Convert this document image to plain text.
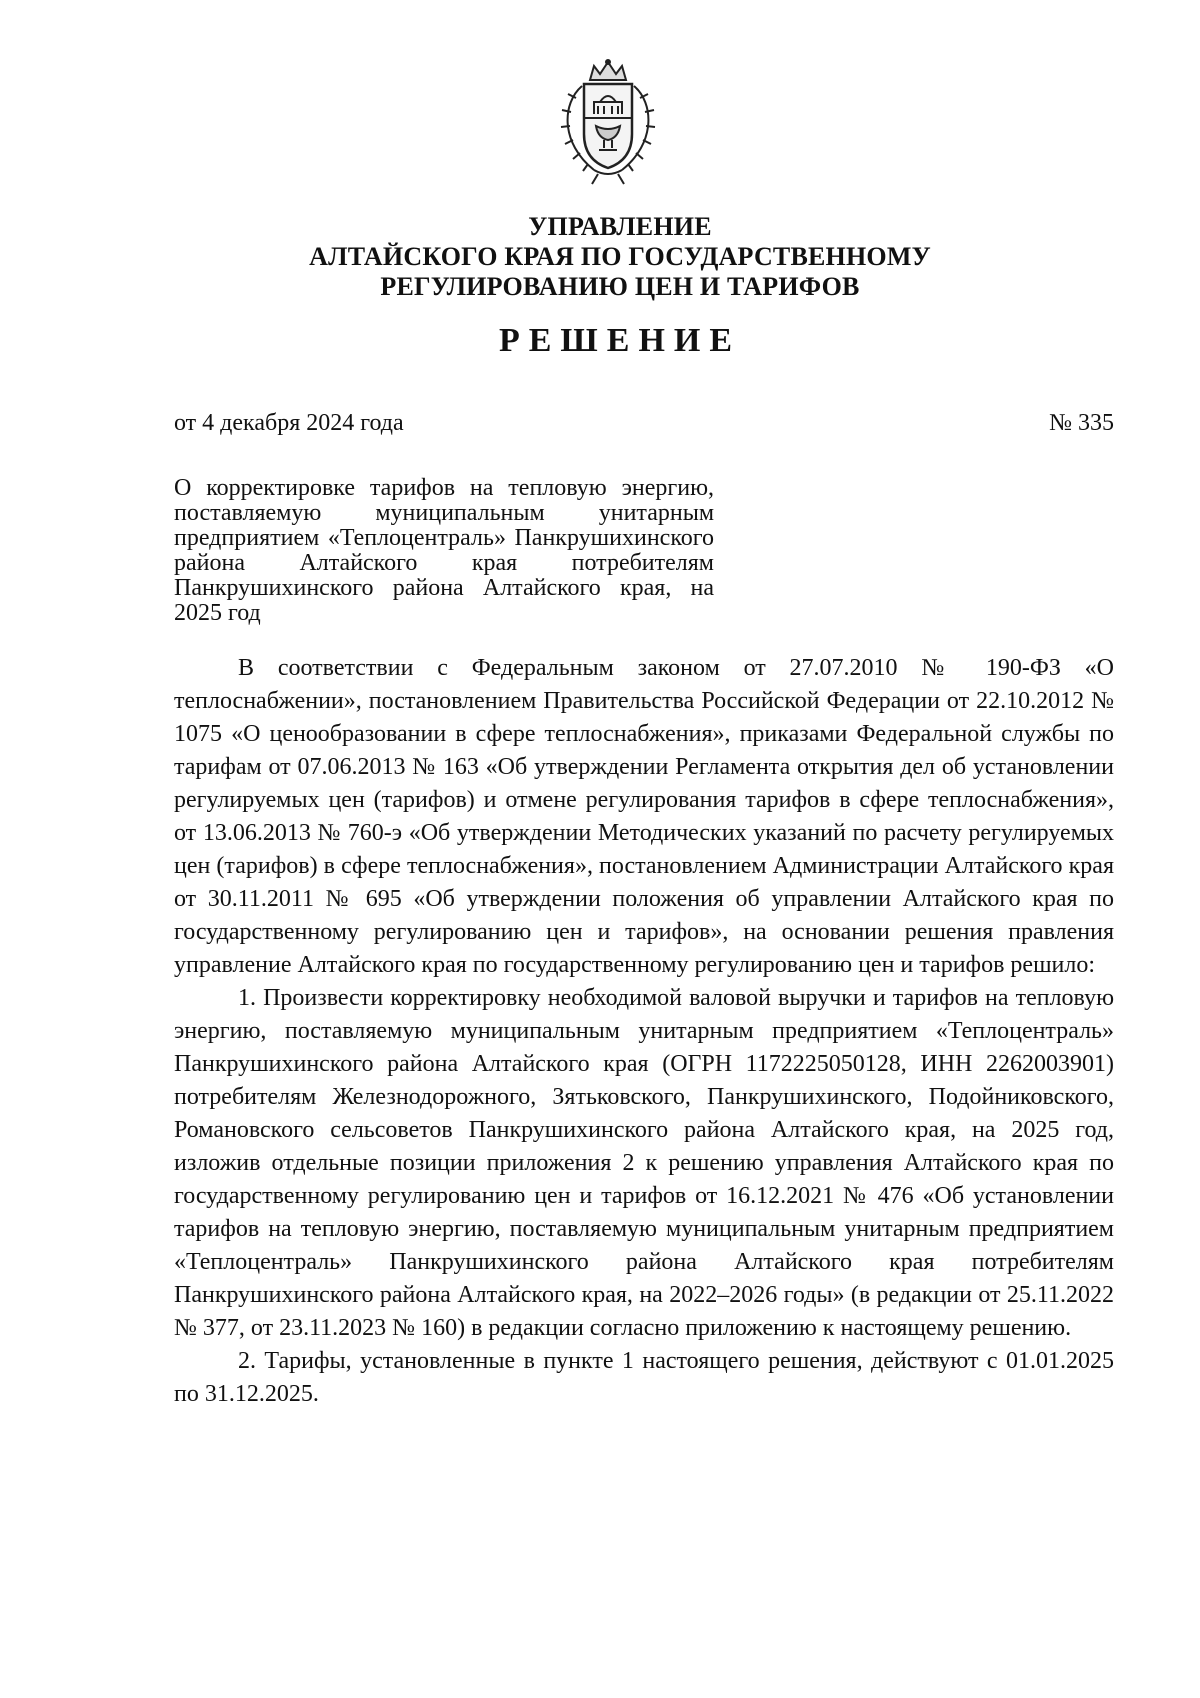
УПРАВЛЕНИЕ
АЛТАЙСКОГО КРАЯ ПО ГОСУДАРСТВЕННОМУ
РЕГУЛИРОВАНИЮ ЦЕН И ТАРИФОВ
РЕШЕНИЕ
от 4 декабря 2024 года	№ 335
О корректировке тарифов на тепловую энергию, поставляемую муниципальным унитарным предприятием «Теплоцентраль» Панкрушихинского района Алтайского края потребителям Панкрушихинского района Алтайского края, на 2025 год

В соответствии с Федеральным законом от 27.07.2010 № 190-ФЗ «О теплоснабжении», постановлением Правительства Российской Федерации от 22.10.2012 № 1075 «О ценообразовании в сфере теплоснабжения», приказами Федеральной службы по тарифам от 07.06.2013 № 163 «Об утверждении Регламента открытия дел об установлении регулируемых цен (тарифов) и отмене регулирования тарифов в сфере теплоснабжения», от 13.06.2013 № 760-э «Об утверждении Методических указаний по расчету регулируемых цен (тарифов) в сфере теплоснабжения», постановлением Администрации Алтайского края от 30.11.2011 № 695 «Об утверждении положения об управлении Алтайского края по государственному регулированию цен и тарифов», на основании решения правления управление Алтайского края по государственному регулированию цен и тарифов решило:

1. Произвести корректировку необходимой валовой выручки и тарифов на тепловую энергию, поставляемую муниципальным унитарным предприятием «Теплоцентраль» Панкрушихинского района Алтайского края (ОГРН 1172225050128, ИНН 2262003901) потребителям Железнодорожного, Зятьковского, Панкрушихинского, Подойниковского, Романовского сельсоветов Панкрушихинского района Алтайского края, на 2025 год, изложив отдельные позиции приложения 2 к решению управления Алтайского края по государственному регулированию цен и тарифов от 16.12.2021 № 476 «Об установлении тарифов на тепловую энергию, поставляемую муниципальным унитарным предприятием «Теплоцентраль» Панкрушихинского района Алтайского края потребителям Панкрушихинского района Алтайского края, на 2022–2026 годы» (в редакции от 25.11.2022 № 377, от 23.11.2023 № 160) в редакции согласно приложению к настоящему решению.

2. Тарифы, установленные в пункте 1 настоящего решения, действуют с 01.01.2025 по 31.12.2025.
